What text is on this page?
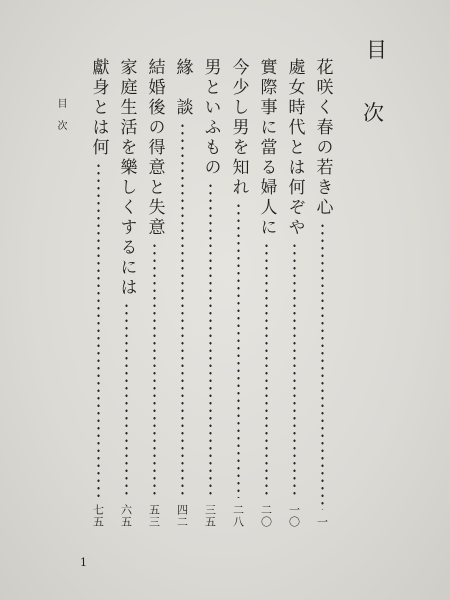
目
次
花咲く春の若き心
一
處女時代とは何ぞや
一〇
實際事に當る婦人に
二〇
今少し男を知れ
二八
男といふもの
三五
緣　談
四二
結婚後の得意と失意
五三
家庭生活を樂しくするには
六五
獻身とは何
七五
目次
1
